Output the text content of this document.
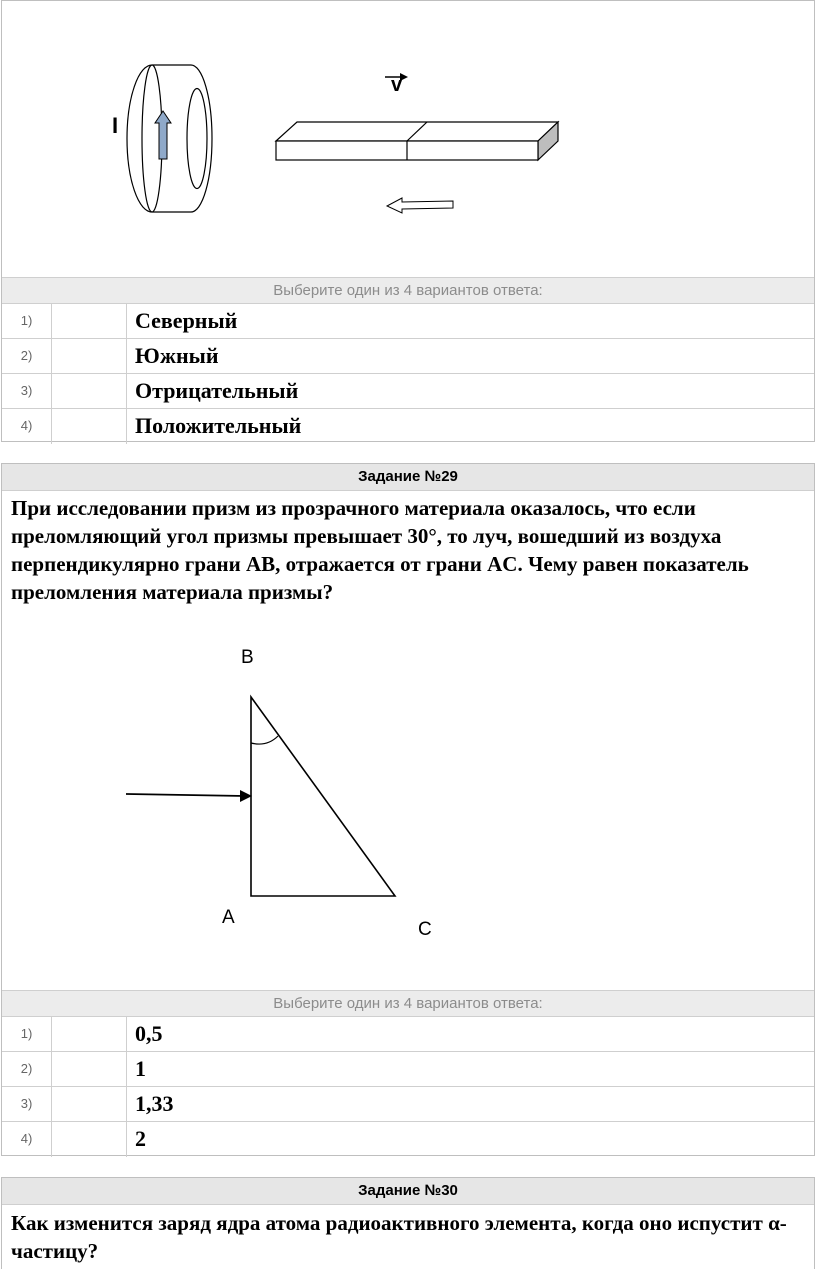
I
v
Выберите один из 4 вариантов ответа:
1)	Северный
2)	Южный
3)	Отрицательный
4)	Положительный
Задание №29
При исследовании призм из прозрачного материала оказалось, что если преломляющий угол призмы превышает 30°, то луч, вошедший из воздуха перпендикулярно грани AB, отражается от грани AC. Чему равен показатель преломления материала призмы?
B
A
C
Выберите один из 4 вариантов ответа:
1)	0,5
2)	1
3)	1,33
4)	2
Задание №30
Как изменится заряд ядра атома радиоактивного элемента, когда оно испустит α-частицу?
